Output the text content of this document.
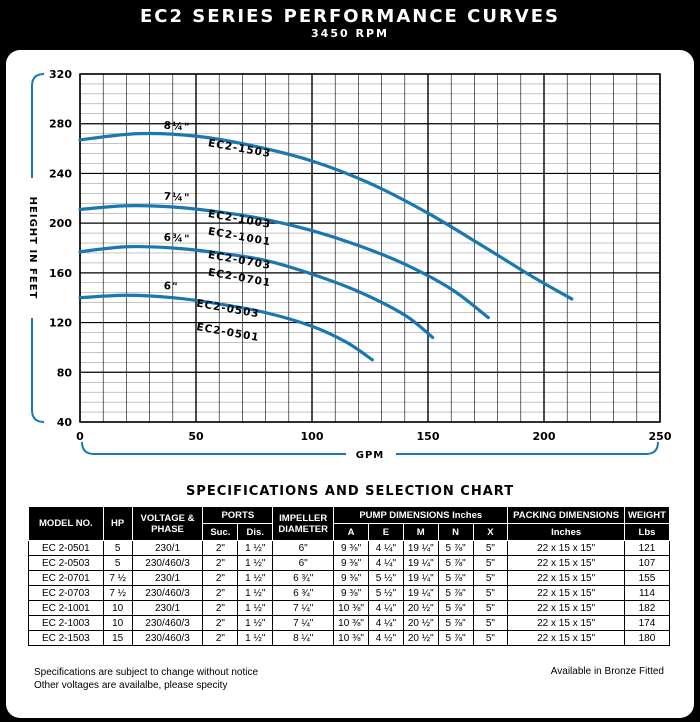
EC2 SERIES PERFORMANCE CURVES
3450 RPM
40
80
120
160
200
240
280
320
0	50	100	150	200	250
HEIGHT IN FEET
GPM
EC2-1503
EC2-1003
EC2-1001
EC2-0703
EC2-0701
EC2-0503
EC2-0501
8¼"
7¼"
6¾"
6"
SPECIFICATIONS AND SELECTION CHART
MODEL NO.	HP	VOLTAGE & PHASE	PORTS		IMPELLER DIAMETER	PUMP DIMENSIONS Inches					PACKING DIMENSIONS	WEIGHT
			Suc.	Dis.		A	E	M	N	X	Inches	Lbs
EC 2-0501	5	230/1	2"	1 ½"	6"	9 ⅜"	4 ¼"	19 ¼"	5 ⅞"	5"	22 x 15 x 15"	121
EC 2-0503	5	230/460/3	2"	1 ½"	6"	9 ⅜"	4 ¼"	19 ¼"	5 ⅞"	5"	22 x 15 x 15"	107
EC 2-0701	7 ½	230/1	2"	1 ½"	6 ¾"	9 ⅜"	5 ½"	19 ¼"	5 ⅞"	5"	22 x 15 x 15"	155
EC 2-0703	7 ½	230/460/3	2"	1 ½"	6 ¾"	9 ⅜"	5 ½"	19 ¼"	5 ⅞"	5"	22 x 15 x 15"	114
EC 2-1001	10	230/1	2"	1 ½"	7 ¼"	10 ⅜"	4 ¼"	20 ½"	5 ⅞"	5"	22 x 15 x 15"	182
EC 2-1003	10	230/460/3	2"	1 ½"	7 ¼"	10 ⅜"	4 ¼"	20 ½"	5 ⅞"	5"	22 x 15 x 15"	174
EC 2-1503	15	230/460/3	2"	1 ½"	8 ¼"	10 ⅜"	4 ½"	20 ½"	5 ⅞"	5"	22 x 15 x 15"	180
Specifications are subject to change without notice
Other voltages are availalbe, please specity
Available in Bronze Fitted
